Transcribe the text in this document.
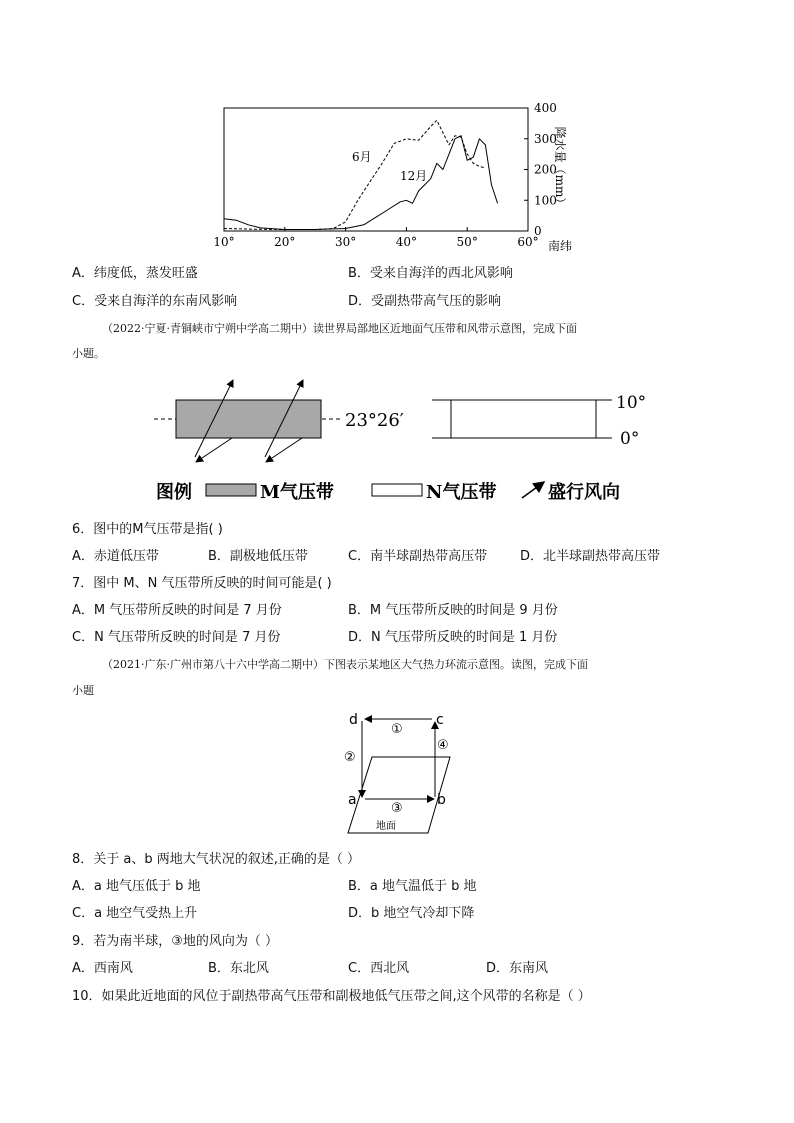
10°	20°	30°	40°	50°	60°
0
100
200
300
400
南纬
降水量（mm）
6月
12月
A．纬度低，蒸发旺盛	B．受来自海洋的西北风影响
C．受来自海洋的东南风影响	D．受副热带高气压的影响
（2022·宁夏·青铜峡市宁朔中学高二期中）读世界局部地区近地面气压带和风带示意图，完成下面
小题。
23°26′
10°
0°
图例	M气压带	N气压带	盛行风向
6．图中的M气压带是指( )
A．赤道低压带	B．副极地低压带	C．南半球副热带高压带	D．北半球副热带高压带
7．图中 M、N 气压带所反映的时间可能是( )
A．M 气压带所反映的时间是 7 月份	B．M 气压带所反映的时间是 9 月份
C．N 气压带所反映的时间是 7 月份	D．N 气压带所反映的时间是 1 月份
（2021·广东·广州市第八十六中学高二期中）下图表示某地区大气热力环流示意图。读图，完成下面
小题
d	c
a	b
①
②
③
④
地面
8．关于 a、b 两地大气状况的叙述,正确的是（ ）
A．a 地气压低于 b 地	B．a 地气温低于 b 地
C．a 地空气受热上升	D．b 地空气冷却下降
9．若为南半球，③地的风向为（ ）
A．西南风	B．东北风	C．西北风	D．东南风
10．如果此近地面的风位于副热带高气压带和副极地低气压带之间,这个风带的名称是（ ）
